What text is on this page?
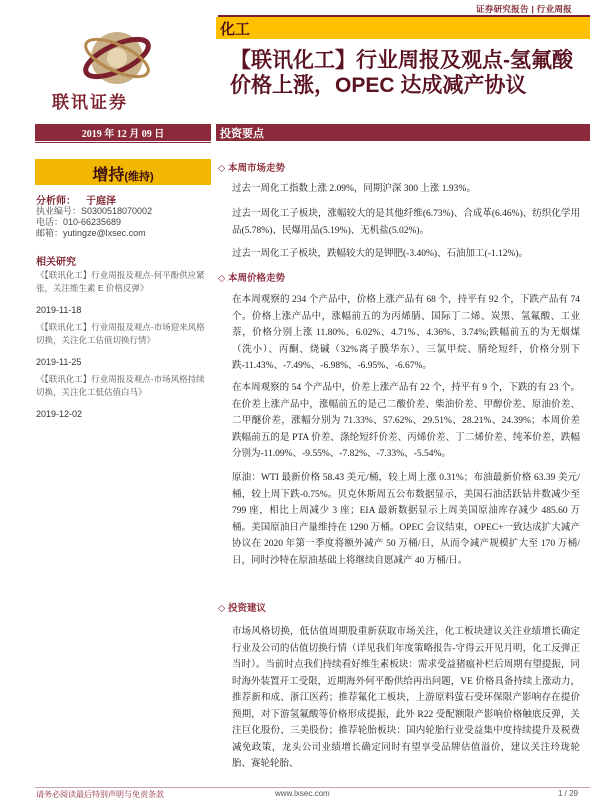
证券研究报告 | 行业周报
化工
【联讯化工】行业周报及观点-氢氟酸
价格上涨，OPEC 达成减产协议
联讯证券
2019 年 12 月 09 日	投资要点
增持(维持)
分析师： 于庭泽
执业编号：S0300518070002
电话：010-66235689
邮箱：yutingze@lxsec.com
相关研究
《【联讯化工】行业周报及观点-何平酚供应紧张，关注维生素 E 价格反弹》
2019-11-18
《【联讯化工】行业周报及观点-市场迎来风格切换，关注化工估值切换行情》
2019-11-25
《【联讯化工】行业周报及观点-市场风格持续切换，关注化工低估值白马》
2019-12-02
◇ 本周市场走势
过去一周化工指数上涨 2.09%，同期沪深 300 上涨 1.93%。
过去一周化工子板块，涨幅较大的是其他纤维(6.73%)、合成革(6.46%)、纺织化学用品(5.78%)、民爆用品(5.19%)、无机盐(5.02%)。
过去一周化工子板块，跌幅较大的是钾肥(-3.40%)、石油加工(-1.12%)。
◇ 本周价格走势
在本周观察的 234 个产品中，价格上涨产品有 68 个，持平有 92 个，下跌产品有 74 个。价格上涨产品中，涨幅前五的为丙烯腈、国际丁二烯、炭黑、氢氟酸、工业萘，价格分别上涨 11.80%、6.02%、4.71%、4.36%、3.74%;跌幅前五的为无烟煤（洗小）、丙酮、烧碱（32%离子膜华东）、三氯甲烷、腈纶短纤，价格分别下跌-11.43%、-7.49%、-6.98%、-6.95%、-6.67%。
在本周观察的 54 个产品中，价差上涨产品有 22 个，持平有 9 个，下跌的有 23 个。在价差上涨产品中，涨幅前五的是己二酸价差、柴油价差、甲醇价差、原油价差、二甲醚价差，涨幅分别为 71.33%、57.62%、29.51%、28.21%、24.39%；本周价差跌幅前五的是 PTA 价差、涤纶短纤价差、丙烯价差、丁二烯价差、纯苯价差，跌幅分别为-11.09%、-9.55%、-7.82%、-7.33%、-5.54%。
原油：WTI 最新价格 58.43 美元/桶，较上周上涨 0.31%；布油最新价格 63.39 美元/桶，较上周下跌-0.75%。贝克休斯周五公布数据显示，美国石油活跃钻井数减少至 799 座，相比上周减少 3 座；EIA 最新数据显示上周美国原油库存减少 485.60 万桶。美国原油日产量维持在 1290 万桶。OPEC 会议结束，OPEC+一致达成扩大减产协议在 2020 年第一季度将额外减产 50 万桶/日，从而令减产规模扩大至 170 万桶/日，同时沙特在原油基础上将继续自愿减产 40 万桶/日。
◇ 投资建议
市场风格切换，低估值周期股重新获取市场关注，化工板块建议关注业绩增长确定行业及公司的估值切换行情（详见我们年度策略报告-守得云开见月明，化工反弹正当时）。当前时点我们持续看好维生素板块：需求受益猪瘟补栏后周期有望提振，同时海外装置开工受限，近期海外何平酚供给再出问题，VE 价格具备持续上涨动力，推荐新和成、浙江医药；推荐氟化工板块，上游原料萤石受环保限产影响存在提价预期，对下游氢氟酸等价格形成提振，此外 R22 受配额限产影响价格触底反弹，关注巨化股份、三美股份；推荐轮胎板块：国内轮胎行业受益集中度持续提升及税费减免政策，龙头公司业绩增长确定同时有望享受品牌估值溢价，建议关注玲珑轮胎、赛轮轮胎、
请务必阅读最后特别声明与免责条款	www.lxsec.com	1 / 29
